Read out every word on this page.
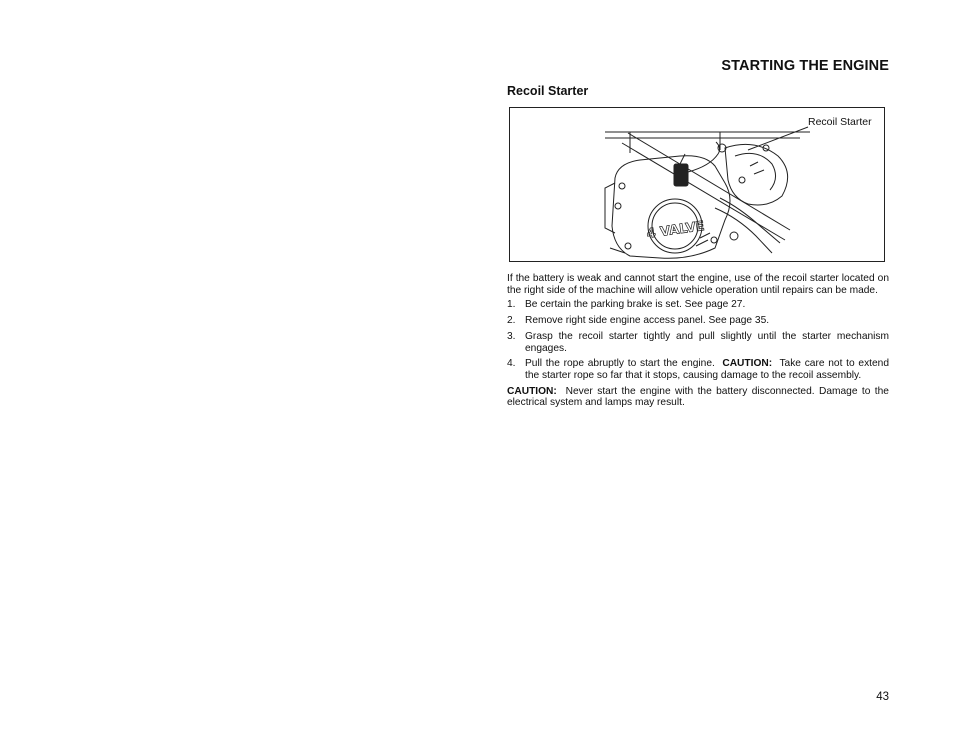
STARTING THE ENGINE
Recoil Starter
4 VALVE
Recoil Starter

If the battery is weak and cannot start the engine, use of the recoil starter located on the right side of the machine will allow vehicle operation until repairs can be made.

1. Be certain the parking brake is set. See page 27.
2. Remove right side engine access panel. See page 35.
3. Grasp the recoil starter tightly and pull slightly until the starter mechanism engages.
4. Pull the rope abruptly to start the engine. CAUTION: Take care not to extend the starter rope so far that it stops, causing damage to the recoil assembly.
CAUTION: Never start the engine with the battery disconnected. Damage to the electrical system and lamps may result.
43
